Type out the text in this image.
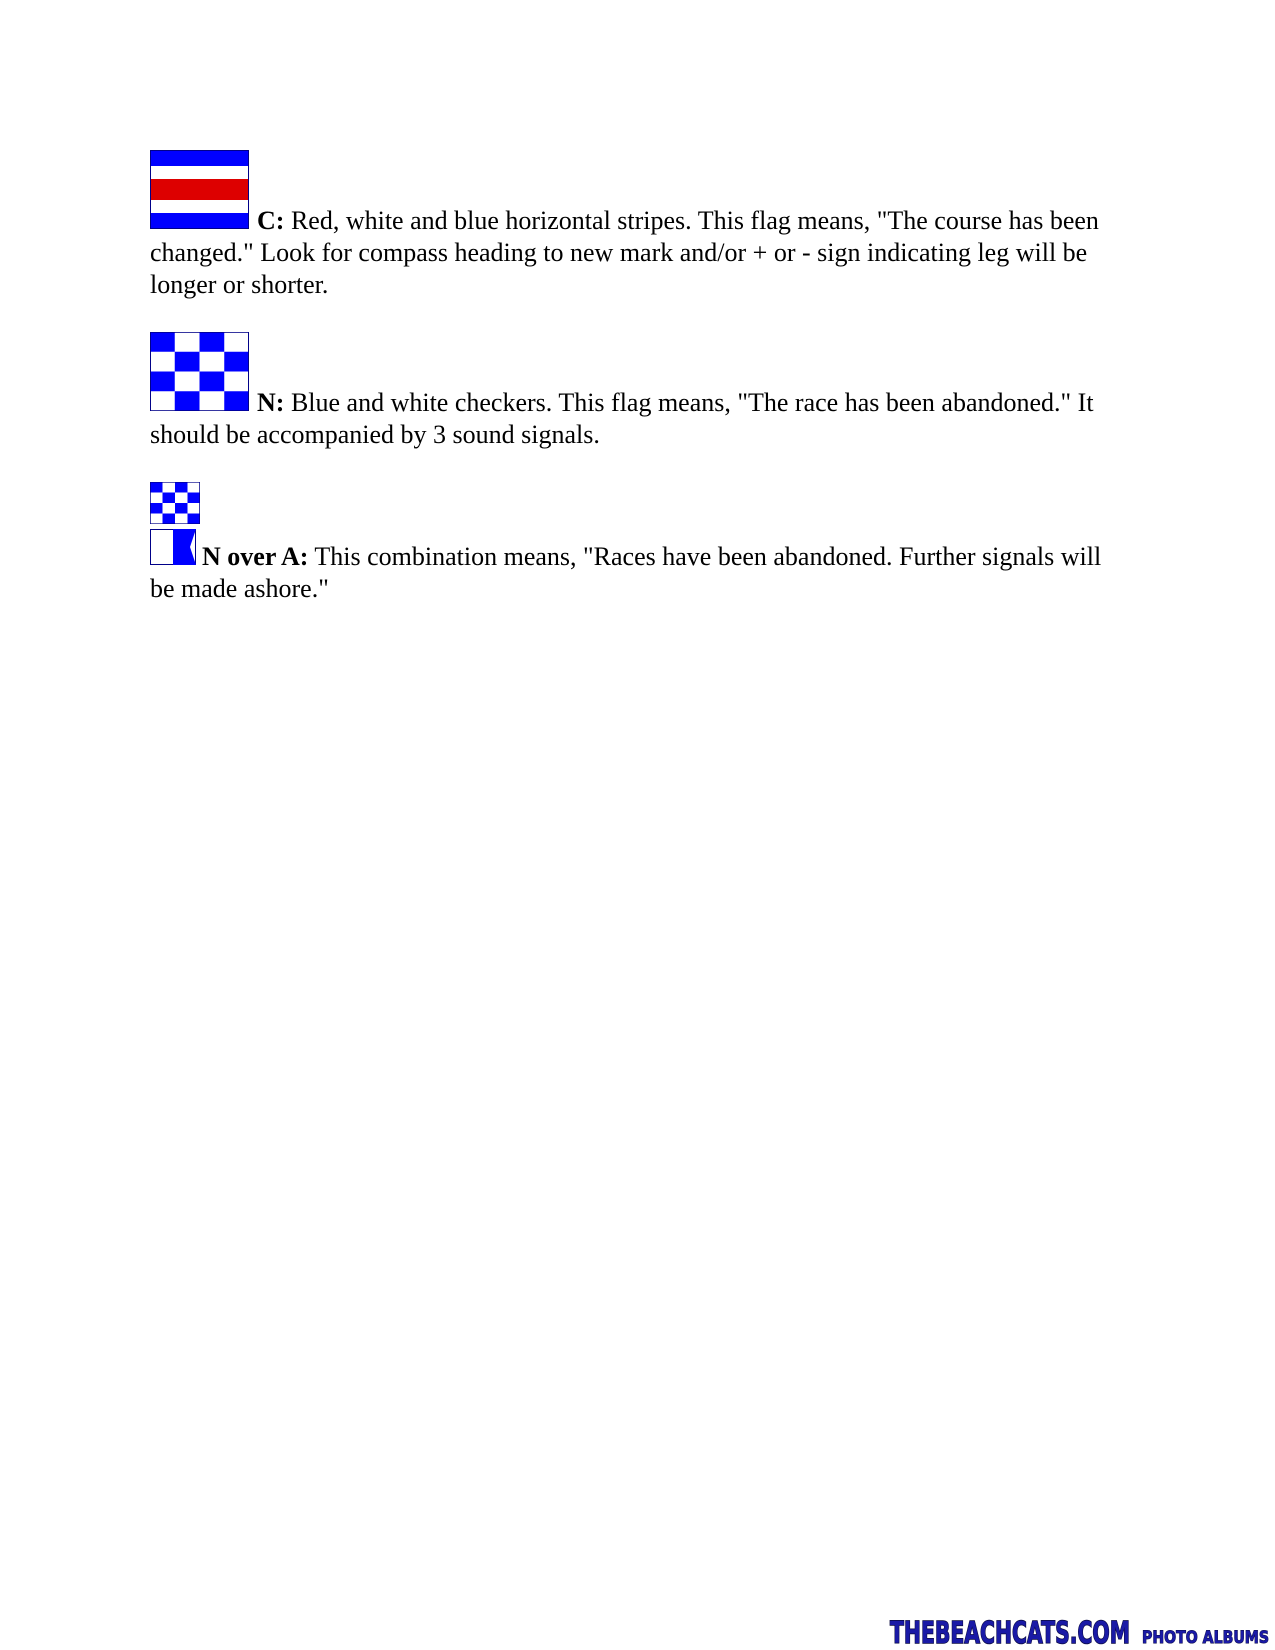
C: Red, white and blue horizontal stripes. This flag means, "The course has been changed." Look for compass heading to new mark and/or + or - sign indicating leg will be longer or shorter.

N: Blue and white checkers. This flag means, "The race has been abandoned." It should be accompanied by 3 sound signals.

N over A: This combination means, "Races have been abandoned. Further signals will be made ashore."

THEBEACHCATS.COM PHOTO ALBUMS
